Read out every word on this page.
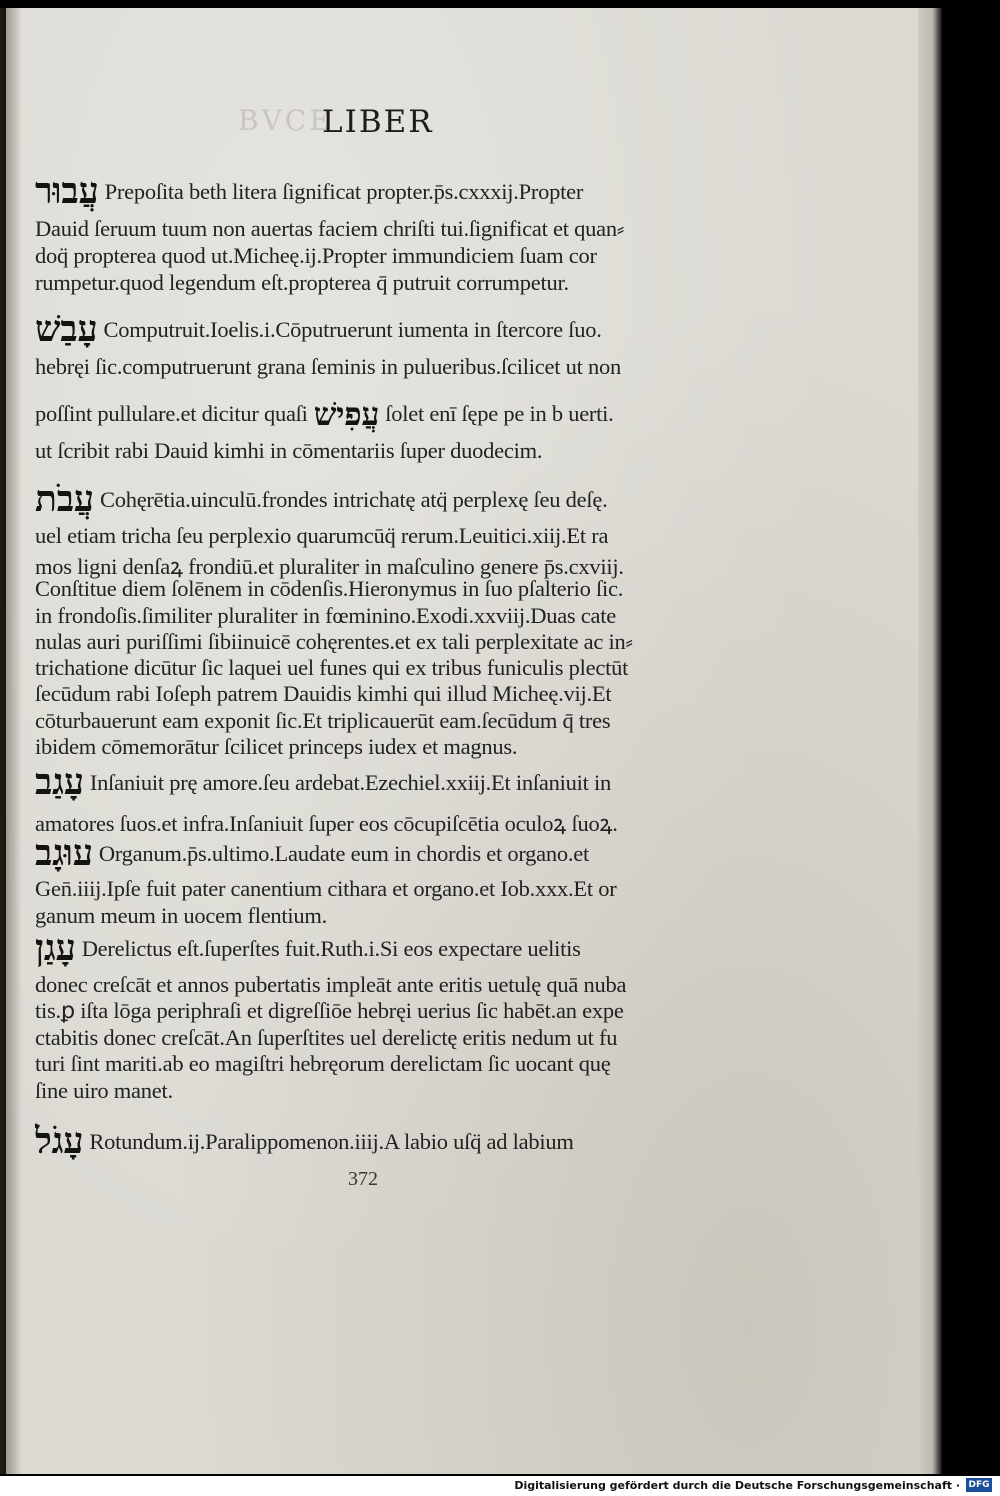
BVCE
LIBER
עֲבוּר Prepoſita beth litera ſignificat propter.p̄s.cxxxij.Propter
Dauid ſeruum tuum non auertas faciem chriſti tui.ſignificat et quan⸗
doq̈ propterea quod ut.Micheę.ij.Propter immundiciem ſuam cor
rumpetur.quod legendum eſt.propterea q̄ putruit corrumpetur.
עָבַשׁ Computruit.Ioelis.i.Cōputruerunt iumenta in ſtercore ſuo.
hebręi ſic.computruerunt grana ſeminis in pulueribus.ſcilicet ut non
poſſint pullulare.et dicitur quaſi עֲפִישׁ ſolet enī ſępe pe in b uerti.
ut ſcribit rabi Dauid kimhi in cōmentariis ſuper duodecim.
עֲבֹת Cohęrētia.uinculū.frondes intrichatę atq̈ perplexę ſeu deſę.
uel etiam tricha ſeu perplexio quarumcūq̈ rerum.Leuitici.xiij.Et ra
mos ligni denſaꝝ frondiū.et pluraliter in maſculino genere p̄s.cxviij.
Conſtitue diem ſolēnem in cōdenſis.Hieronymus in ſuo pſalterio ſic.
in frondoſis.ſimiliter pluraliter in fœminino.Exodi.xxviij.Duas cate
nulas auri puriſſimi ſibiinuicē cohęrentes.et ex tali perplexitate ac in⸗
trichatione dicūtur ſic laquei uel funes qui ex tribus funiculis plectūt
ſecūdum rabi Ioſeph patrem Dauidis kimhi qui illud Micheę.vij.Et
cōturbauerunt eam exponit ſic.Et triplicauerūt eam.ſecūdum q̄ tres
ibidem cōmemorātur ſcilicet princeps iudex et magnus.
עָגַב Inſaniuit prę amore.ſeu ardebat.Ezechiel.xxiij.Et inſaniuit in
amatores ſuos.et infra.Inſaniuit ſuper eos cōcupiſcētia oculoꝝ ſuoꝝ.
עוּגָב Organum.p̄s.ultimo.Laudate eum in chordis et organo.et
Gen̄.iiij.Ipſe fuit pater canentium cithara et organo.et Iob.xxx.Et or
ganum meum in uocem flentium.
עָגַן Derelictus eſt.ſuperſtes fuit.Ruth.i.Si eos expectare uelitis
donec creſcāt et annos pubertatis impleāt ante eritis uetulę quā nuba
tis.ꝑ iſta lōga periphraſi et digreſſiōe hebręi uerius ſic habēt.an expe
ctabitis donec creſcāt.An ſuperſtites uel derelictę eritis nedum ut fu
turi ſint mariti.ab eo magiſtri hebręorum derelictam ſic uocant quę
ſine uiro manet.
עָגֹל Rotundum.ij.Paralippomenon.iiij.A labio uſq̈ ad labium
372
Digitalisierung gefördert durch die Deutsche Forschungsgemeinschaft · DFG
